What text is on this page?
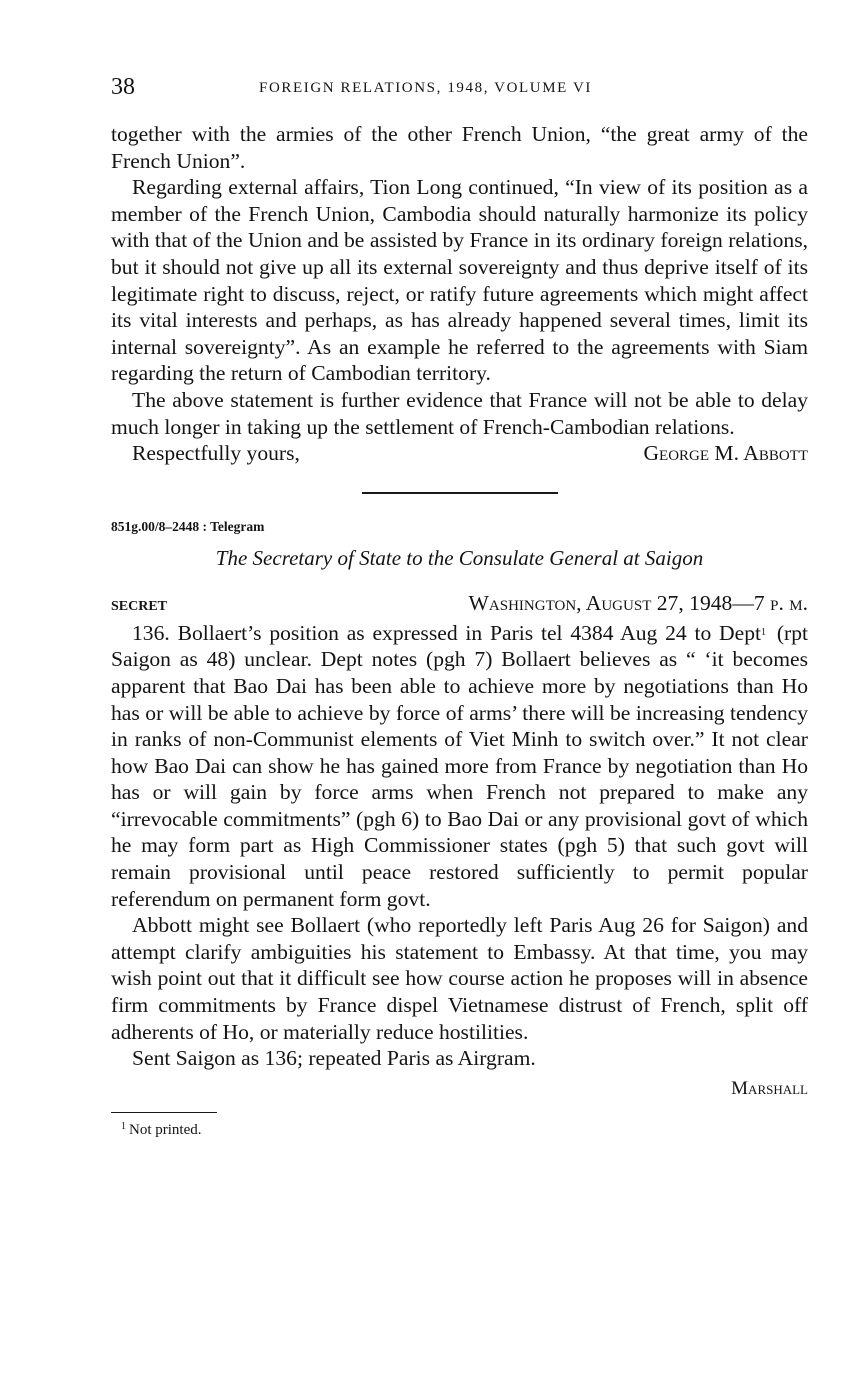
38	FOREIGN RELATIONS, 1948, VOLUME VI

together with the armies of the other French Union, “the great army of the French Union”.

Regarding external affairs, Tion Long continued, “In view of its position as a member of the French Union, Cambodia should naturally harmonize its policy with that of the Union and be assisted by France in its ordinary foreign relations, but it should not give up all its external sovereignty and thus deprive itself of its legitimate right to discuss, reject, or ratify future agreements which might affect its vital interests and perhaps, as has already happened several times, limit its internal sovereignty”. As an example he referred to the agreements with Siam regarding the return of Cambodian territory.

The above statement is further evidence that France will not be able to delay much longer in taking up the settlement of French-Cambodian relations.

Respectfully yours,	George M. Abbott
851g.00/8–2448 : Telegram
The Secretary of State to the Consulate General at Saigon
SECRET	Washington, August 27, 1948—7 p. m.

136. Bollaert’s position as expressed in Paris tel 4384 Aug 24 to Dept$^1$ (rpt Saigon as 48) unclear. Dept notes (pgh 7) Bollaert believes as “ ‘it becomes apparent that Bao Dai has been able to achieve more by negotiations than Ho has or will be able to achieve by force of arms’ there will be increasing tendency in ranks of non-Communist elements of Viet Minh to switch over.” It not clear how Bao Dai can show he has gained more from France by negotiation than Ho has or will gain by force arms when French not prepared to make any “irrevocable commitments” (pgh 6) to Bao Dai or any provisional govt of which he may form part as High Commissioner states (pgh 5) that such govt will remain provisional until peace restored sufficiently to permit popular referendum on permanent form govt.

Abbott might see Bollaert (who reportedly left Paris Aug 26 for Saigon) and attempt clarify ambiguities his statement to Embassy. At that time, you may wish point out that it difficult see how course action he proposes will in absence firm commitments by France dispel Vietnamese distrust of French, split off adherents of Ho, or materially reduce hostilities.

Sent Saigon as 136; repeated Paris as Airgram.

Marshall
$^1$ Not printed.
